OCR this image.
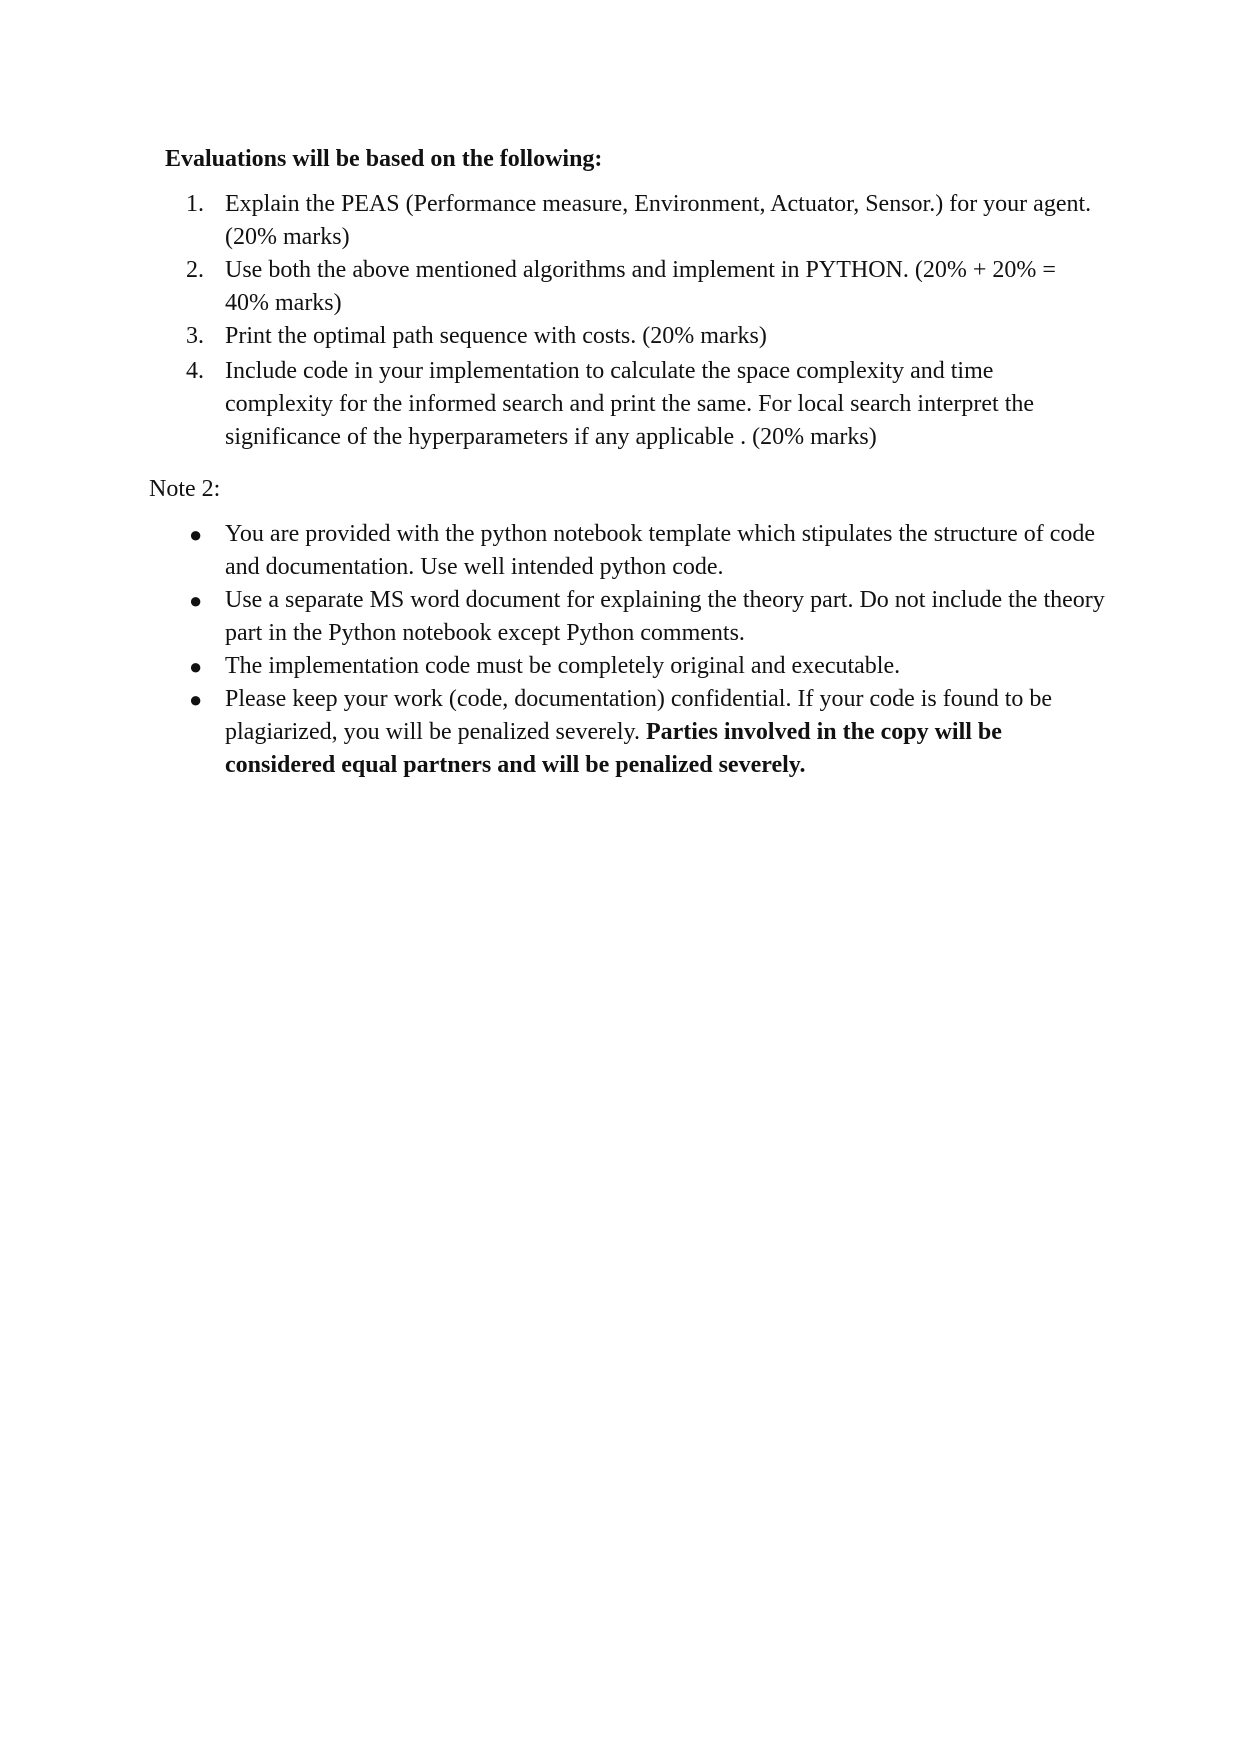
Evaluations will be based on the following:

1. Explain the PEAS (Performance measure, Environment, Actuator, Sensor.) for your agent. (20% marks)
2. Use both the above mentioned algorithms and implement in PYTHON. (20% + 20% = 40% marks)
3. Print the optimal path sequence with costs. (20% marks)
4. Include code in your implementation to calculate the space complexity and time complexity for the informed search and print the same. For local search interpret the significance of the hyperparameters if any applicable . (20% marks)

Note 2:

● You are provided with the python notebook template which stipulates the structure of code and documentation. Use well intended python code.
● Use a separate MS word document for explaining the theory part. Do not include the theory part in the Python notebook except Python comments.
● The implementation code must be completely original and executable.
● Please keep your work (code, documentation) confidential. If your code is found to be plagiarized, you will be penalized severely. Parties involved in the copy will be considered equal partners and will be penalized severely.
